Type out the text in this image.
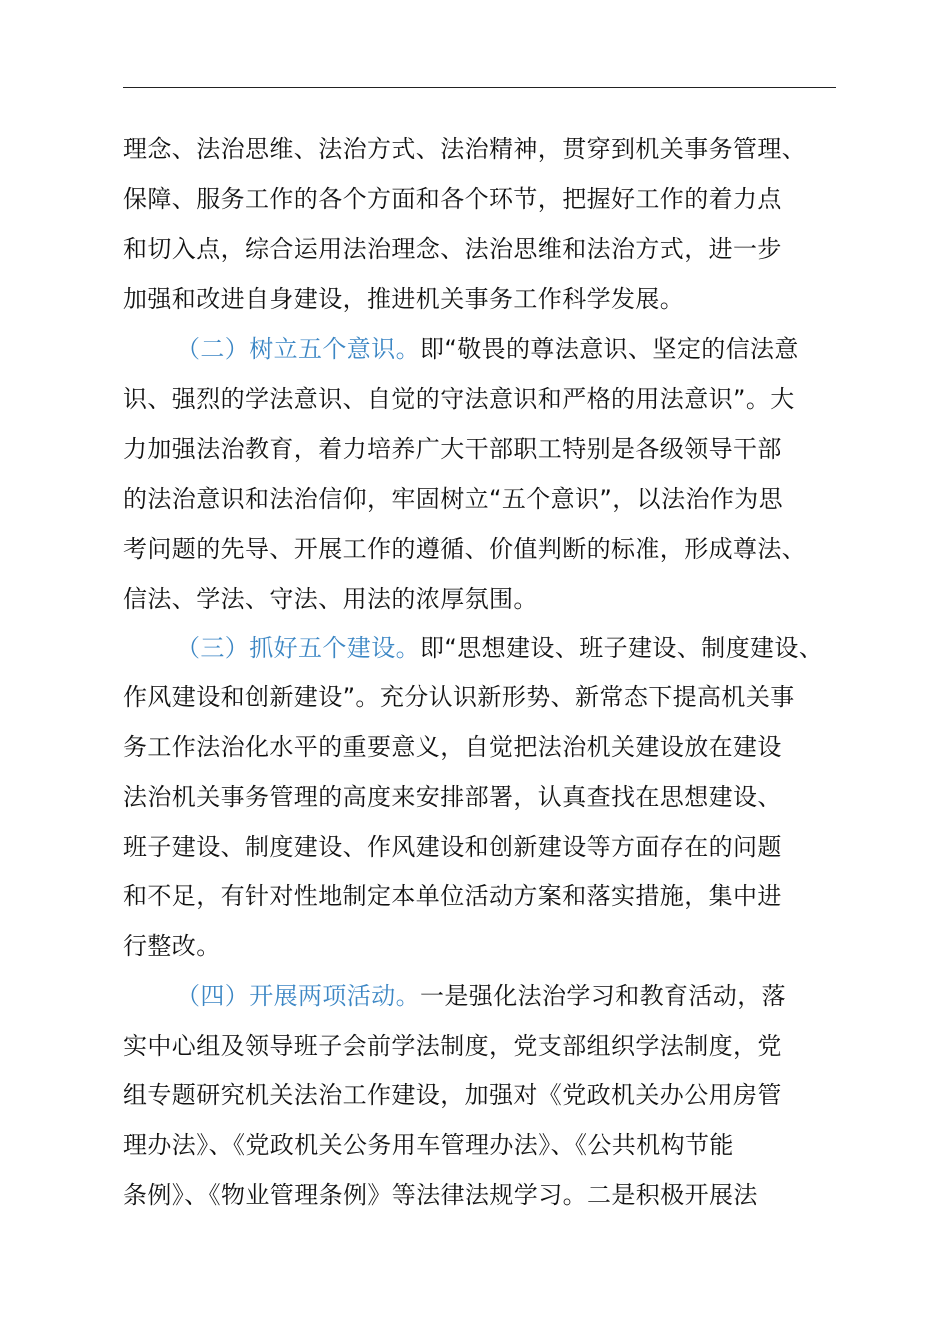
理念、法治思维、法治方式、法治精神，贯穿到机关事务管理、
保障、服务工作的各个方面和各个环节，把握好工作的着力点
和切入点，综合运用法治理念、法治思维和法治方式，进一步
加强和改进自身建设，推进机关事务工作科学发展。
（二）树立五个意识。即“敬畏的尊法意识、坚定的信法意
识、强烈的学法意识、自觉的守法意识和严格的用法意识”。大
力加强法治教育，着力培养广大干部职工特别是各级领导干部
的法治意识和法治信仰，牢固树立“五个意识”，以法治作为思
考问题的先导、开展工作的遵循、价值判断的标准，形成尊法、
信法、学法、守法、用法的浓厚氛围。
（三）抓好五个建设。即“思想建设、班子建设、制度建设、
作风建设和创新建设”。充分认识新形势、新常态下提高机关事
务工作法治化水平的重要意义，自觉把法治机关建设放在建设
法治机关事务管理的高度来安排部署，认真查找在思想建设、
班子建设、制度建设、作风建设和创新建设等方面存在的问题
和不足，有针对性地制定本单位活动方案和落实措施，集中进
行整改。
（四）开展两项活动。一是强化法治学习和教育活动，落
实中心组及领导班子会前学法制度，党支部组织学法制度，党
组专题研究机关法治工作建设，加强对《党政机关办公用房管
理办法》、《党政机关公务用车管理办法》、《公共机构节能
条例》、《物业管理条例》等法律法规学习。二是积极开展法
